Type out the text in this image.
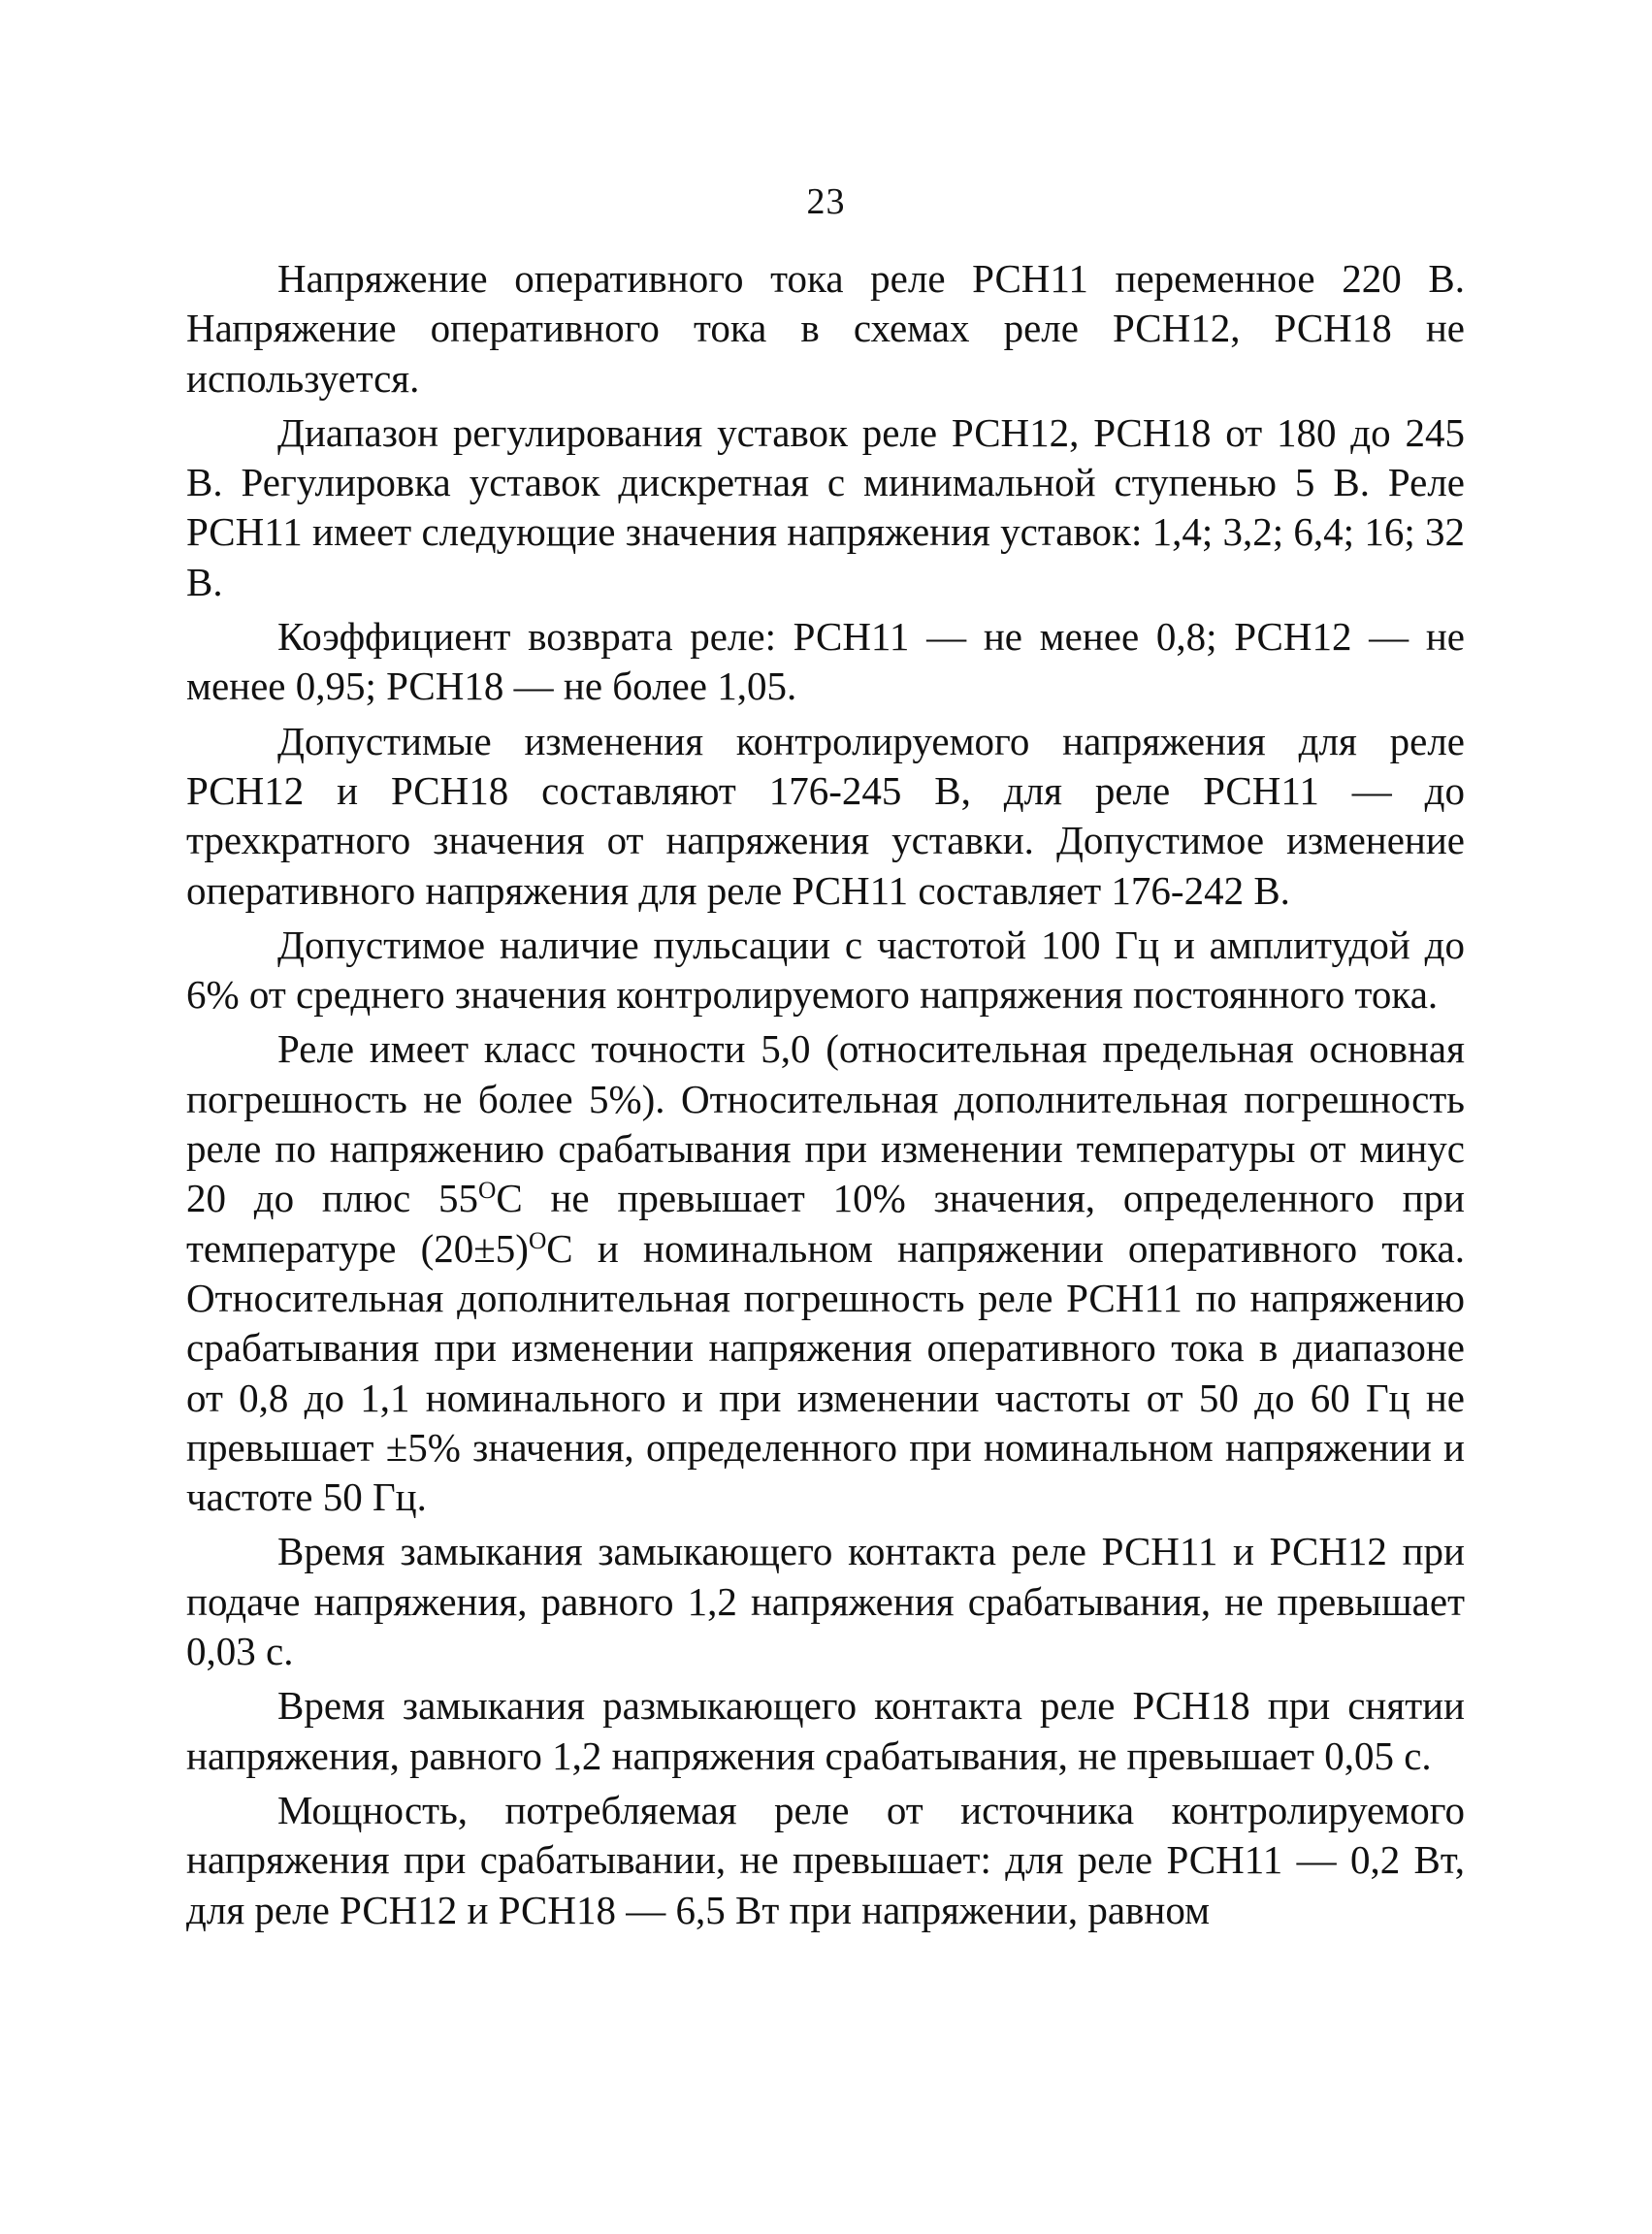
23

Напряжение оперативного тока реле РСН11 переменное 220 В. Напряжение оперативного тока в схемах реле РСН12, РСН18 не используется.

Диапазон регулирования уставок реле РСН12, РСН18 от 180 до 245 В. Регулировка уставок дискретная с минимальной ступенью 5 В. Реле РСН11 имеет следующие значения напряжения уставок: 1,4; 3,2; 6,4; 16; 32 В.

Коэффициент возврата реле: РСН11 — не менее 0,8; РСН12 — не менее 0,95; РСН18 — не более 1,05.

Допустимые изменения контролируемого напряжения для реле РСН12 и РСН18 составляют 176-245 В, для реле РСН11 — до трехкратного значения от напряжения уставки. Допустимое изменение оперативного напряжения для реле РСН11 составляет 176-242 В.

Допустимое наличие пульсации с частотой 100 Гц и амплитудой до 6% от среднего значения контролируемого напряжения постоянного тока.

Реле имеет класс точности 5,0 (относительная предельная основная погрешность не более 5%). Относительная дополнительная погрешность реле по напряжению срабатывания при изменении температуры от минус 20 до плюс $55^ОС$ не превышает 10% значения, определенного при температуре $(20\pm 5)^ОС$ и номинальном напряжении оперативного тока. Относительная дополнительная погрешность реле РСН11 по напряжению срабатывания при изменении напряжения оперативного тока в диапазоне от 0,8 до 1,1 номинального и при изменении частоты от 50 до 60 Гц не превышает ±5% значения, определенного при номинальном напряжении и частоте 50 Гц.

Время замыкания замыкающего контакта реле РСН11 и РСН12 при подаче напряжения, равного 1,2 напряжения срабатывания, не превышает 0,03 с.

Время замыкания размыкающего контакта реле РСН18 при снятии напряжения, равного 1,2 напряжения срабатывания, не превышает 0,05 с.

Мощность, потребляемая реле от источника контролируемого напряжения при срабатывании, не превышает: для реле РСН11 — 0,2 Вт, для реле РСН12 и РСН18 — 6,5 Вт при напряжении, равном
